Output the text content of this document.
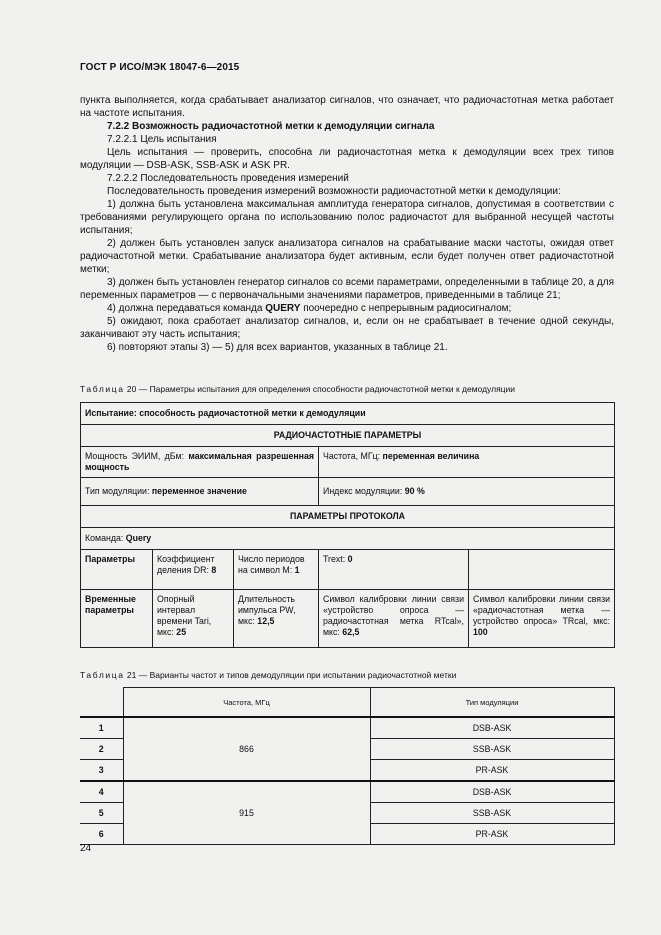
ГОСТ Р ИСО/МЭК 18047-6—2015

пункта выполняется, когда срабатывает анализатор сигналов, что означает, что радиочастотная метка работает на частоте испытания.

7.2.2 Возможность радиочастотной метки к демодуляции сигнала

7.2.2.1 Цель испытания

Цель испытания — проверить, способна ли радиочастотная метка к демодуляции всех трех типов модуляции — DSB-ASK, SSB-ASK и ASK PR.

7.2.2.2 Последовательность проведения измерений

Последовательность проведения измерений возможности радиочастотной метки к демодуляции:

1) должна быть установлена максимальная амплитуда генератора сигналов, допустимая в соответствии с требованиями регулирующего органа по использованию полос радиочастот для выбранной несущей частоты испытания;

2) должен быть установлен запуск анализатора сигналов на срабатывание маски частоты, ожидая ответ радиочастотной метки. Срабатывание анализатора будет активным, если будет получен ответ радиочастотной метки;

3) должен быть установлен генератор сигналов со всеми параметрами, определенными в таблице 20, а для переменных параметров — с первоначальными значениями параметров, приведенными в таблице 21;

4) должна передаваться команда QUERY поочередно с непрерывным радиосигналом;

5) ожидают, пока сработает анализатор сигналов, и, если он не срабатывает в течение одной секунды, заканчивают эту часть испытания;

6) повторяют этапы 3) — 5) для всех вариантов, указанных в таблице 21.

Таблица 20 — Параметры испытания для определения способности радиочастотной метки к демодуляции
Испытание: способность радиочастотной метки к демодуляции				
РАДИОЧАСТОТНЫЕ ПАРАМЕТРЫ				
Мощность ЭИИМ, дБм: максимальная разрешенная мощность			Частота, МГц: переменная величина	
Тип модуляции: переменное значение			Индекс модуляции: 90 %	
ПАРАМЕТРЫ ПРОТОКОЛА				
Команда: Query				
Параметры	Коэффициент деления DR: 8	Число периодов на символ M: 1	Trext: 0	
Временные параметры	Опорный интервал времени Tari, мкс: 25	Длительность импульса PW, мкс: 12,5	Символ калибровки линии связи «устройство опроса — радиочастотная метка RTcal», мкс: 62,5	Символ калибровки линии связи «радиочастотная метка — устройство опроса» TRcal, мкс: 100
Таблица 21 — Варианты частот и типов демодуляции при испытании радиочастотной метки
	Частота, МГц	Тип модуляции
1	866	DSB-ASK
2		SSB-ASK
3		PR-ASK
4	915	DSB-ASK
5		SSB-ASK
6		PR-ASK
24
